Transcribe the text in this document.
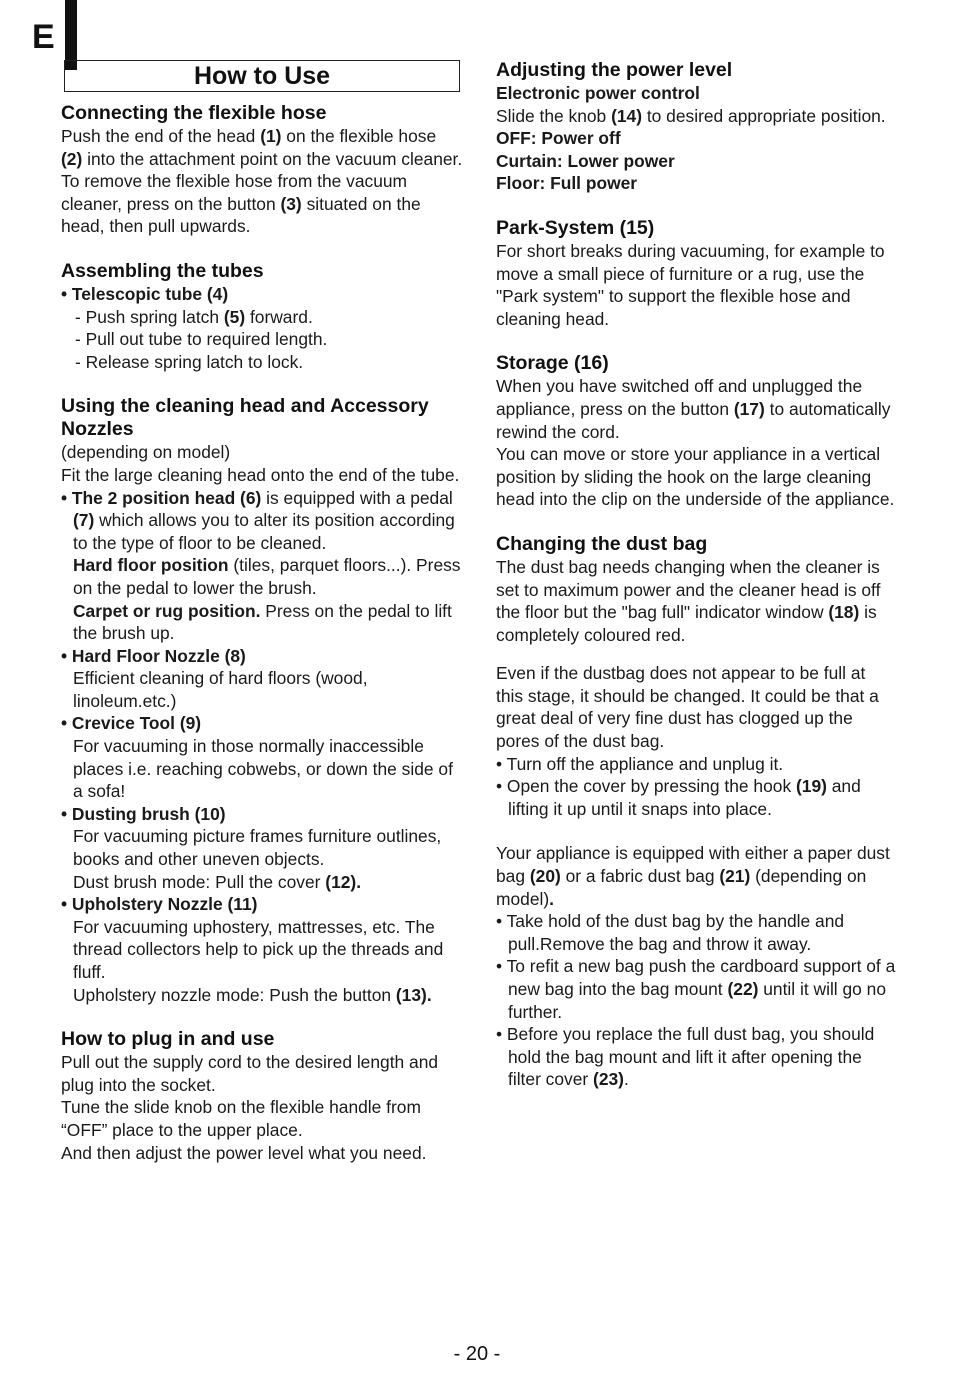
E
How to Use
Connecting the flexible hose

Push the end of the head (1) on the flexible hose
(2) into the attachment point on the vacuum cleaner.

To remove the flexible hose from the vacuum cleaner, press on the button (3) situated on the head, then pull upwards.

Assembling the tubes

• Telescopic tube (4)

- Push spring latch (5) forward.

- Pull out tube to required length.

- Release spring latch to lock.

Using the cleaning head and Accessory Nozzles

(depending on model)

Fit the large cleaning head onto the end of the tube.

• The 2 position head (6) is equipped with a pedal (7) which allows you to alter its position according to the type of floor to be cleaned.

Hard floor position (tiles, parquet floors...). Press on the pedal to lower the brush.

Carpet or rug position. Press on the pedal to lift the brush up.

• Hard Floor Nozzle (8)

Efficient cleaning of hard floors (wood, linoleum.etc.)

• Crevice Tool (9)

For vacuuming in those normally inaccessible places i.e. reaching cobwebs, or down the side of a sofa!

• Dusting brush (10)

For vacuuming picture frames furniture outlines, books and other uneven objects.

Dust brush mode: Pull the cover (12).

• Upholstery Nozzle (11)

For vacuuming uphostery, mattresses, etc. The thread collectors help to pick up the threads and fluff.

Upholstery nozzle mode: Push the button (13).

How to plug in and use

Pull out the supply cord to the desired length and plug into the socket.

Tune the slide knob on the flexible handle from “OFF” place to the upper place.

And then adjust the power level what you need.

Adjusting the power level

Electronic power control

Slide the knob (14) to desired appropriate position.

OFF: Power off

Curtain: Lower power

Floor: Full power

Park-System (15)

For short breaks during vacuuming, for example to move a small piece of furniture or a rug, use the "Park system" to support the flexible hose and cleaning head.

Storage (16)

When you have switched off and unplugged the appliance, press on the button (17) to automatically rewind the cord.

You can move or store your appliance in a vertical position by sliding the hook on the large cleaning head into the clip on the underside of the appliance.

Changing the dust bag

The dust bag needs changing when the cleaner is set to maximum power and the cleaner head is off the floor but the "bag full" indicator window (18) is completely coloured red.

Even if the dustbag does not appear to be full at this stage, it should be changed. It could be that a great deal of very fine dust has clogged up the pores of the dust bag.

• Turn off the appliance and unplug it.

• Open the cover by pressing the hook (19) and lifting it up until it snaps into place.

Your appliance is equipped with either a paper dust bag (20) or a fabric dust bag (21) (depending on model).

• Take hold of the dust bag by the handle and pull.Remove the bag and throw it away.

• To refit a new bag push the cardboard support of a new bag into the bag mount (22) until it will go no further.

• Before you replace the full dust bag, you should hold the bag mount and lift it after opening the filter cover (23).

- 20 -
